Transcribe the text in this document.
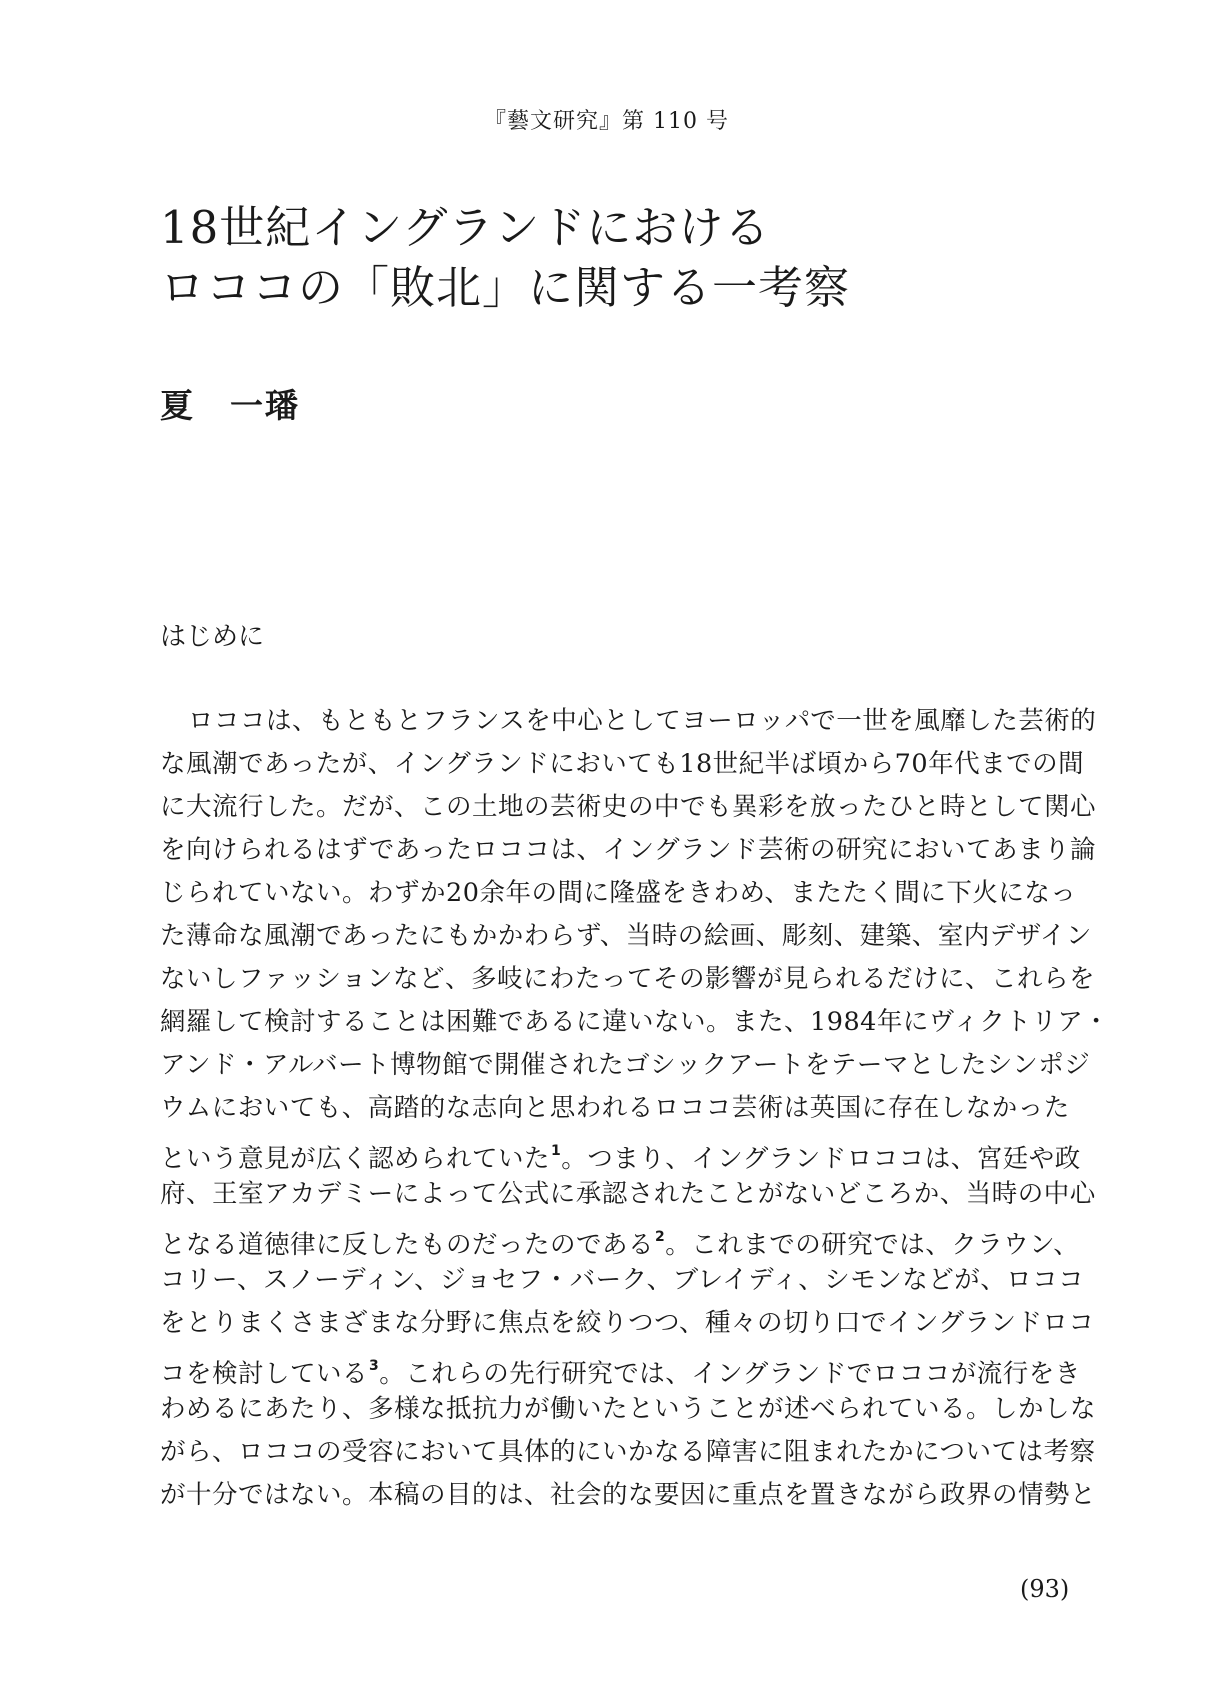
『藝文研究』第 110 号
18世紀イングランドにおける
ロココの「敗北」に関する一考察
夏　一璠
はじめに
ロココは、もともとフランスを中心としてヨーロッパで一世を風靡した芸術的
な風潮であったが、イングランドにおいても18世紀半ば頃から70年代までの間
に大流行した。だが、この土地の芸術史の中でも異彩を放ったひと時として関心
を向けられるはずであったロココは、イングランド芸術の研究においてあまり論
じられていない。わずか20余年の間に隆盛をきわめ、またたく間に下火になっ
た薄命な風潮であったにもかかわらず、当時の絵画、彫刻、建築、室内デザイン
ないしファッションなど、多岐にわたってその影響が見られるだけに、これらを
網羅して検討することは困難であるに違いない。また、1984年にヴィクトリア・
アンド・アルバート博物館で開催されたゴシックアートをテーマとしたシンポジ
ウムにおいても、高踏的な志向と思われるロココ芸術は英国に存在しなかった
という意見が広く認められていた$^1$。つまり、イングランドロココは、宮廷や政
府、王室アカデミーによって公式に承認されたことがないどころか、当時の中心
となる道徳律に反したものだったのである$^2$。これまでの研究では、クラウン、
コリー、スノーディン、ジョセフ・バーク、ブレイディ、シモンなどが、ロココ
をとりまくさまざまな分野に焦点を絞りつつ、種々の切り口でイングランドロコ
コを検討している$^3$。これらの先行研究では、イングランドでロココが流行をき
わめるにあたり、多様な抵抗力が働いたということが述べられている。しかしな
がら、ロココの受容において具体的にいかなる障害に阻まれたかについては考察
が十分ではない。本稿の目的は、社会的な要因に重点を置きながら政界の情勢と
(93)
